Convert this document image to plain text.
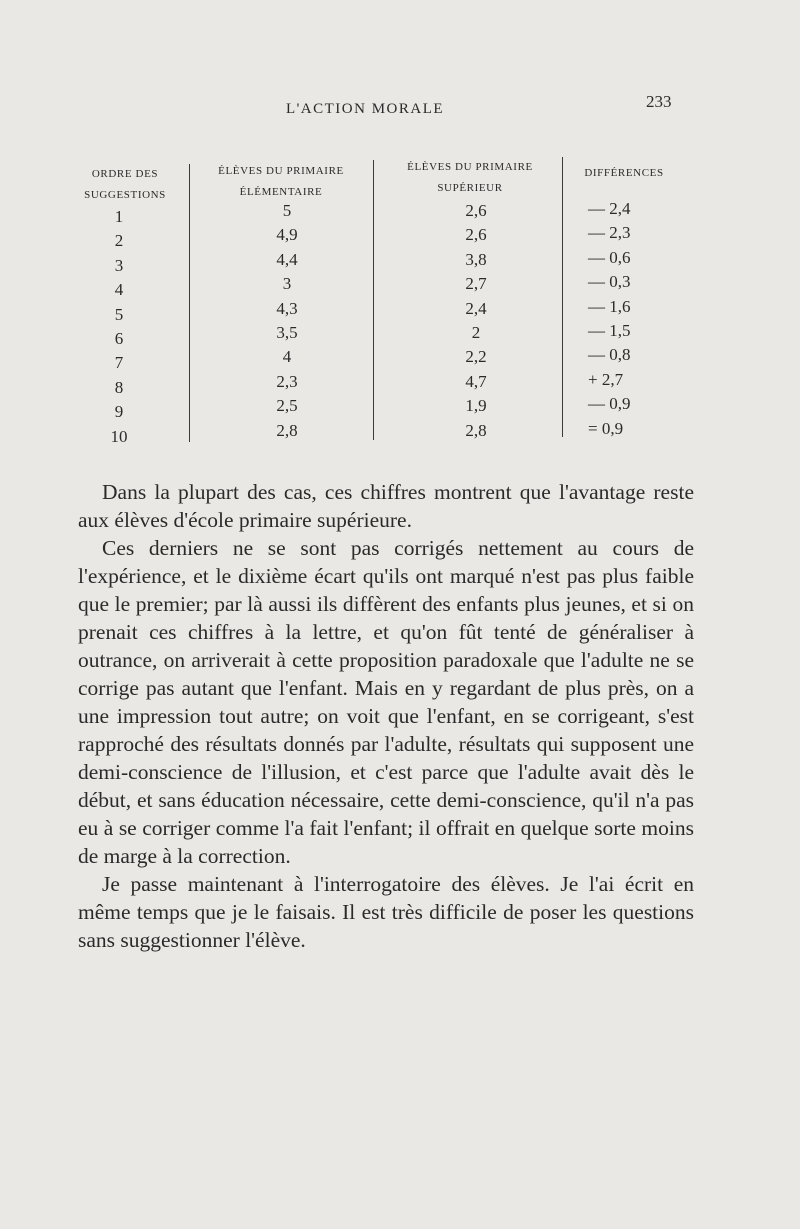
L'ACTION MORALE	233
ORDRE DES
SUGGESTIONS
ÉLÈVES DU PRIMAIRE
ÉLÉMENTAIRE
ÉLÈVES DU PRIMAIRE
SUPÉRIEUR
DIFFÉRENCES
1
2
3
4
5
6
7
8
9
10
5
4,9
4,4
3
4,3
3,5
4
2,3
2,5
2,8
2,6
2,6
3,8
2,7
2,4
2
2,2
4,7
1,9
2,8
— 2,4
— 2,3
— 0,6
— 0,3
— 1,6
— 1,5
— 0,8
+ 2,7
— 0,9
= 0,9

Dans la plupart des cas, ces chiffres montrent que l'avantage reste aux élèves d'école primaire supérieure.

Ces derniers ne se sont pas corrigés nettement au cours de l'expérience, et le dixième écart qu'ils ont marqué n'est pas plus faible que le premier; par là aussi ils diffèrent des enfants plus jeunes, et si on prenait ces chiffres à la lettre, et qu'on fût tenté de généraliser à outrance, on arriverait à cette proposition paradoxale que l'adulte ne se corrige pas autant que l'enfant. Mais en y regardant de plus près, on a une impression tout autre; on voit que l'enfant, en se corrigeant, s'est rapproché des résultats donnés par l'adulte, résultats qui supposent une demi-conscience de l'illusion, et c'est parce que l'adulte avait dès le début, et sans éducation nécessaire, cette demi-conscience, qu'il n'a pas eu à se corriger comme l'a fait l'enfant; il offrait en quelque sorte moins de marge à la correction.

Je passe maintenant à l'interrogatoire des élèves. Je l'ai écrit en même temps que je le faisais. Il est très difficile de poser les questions sans suggestionner l'élève.
